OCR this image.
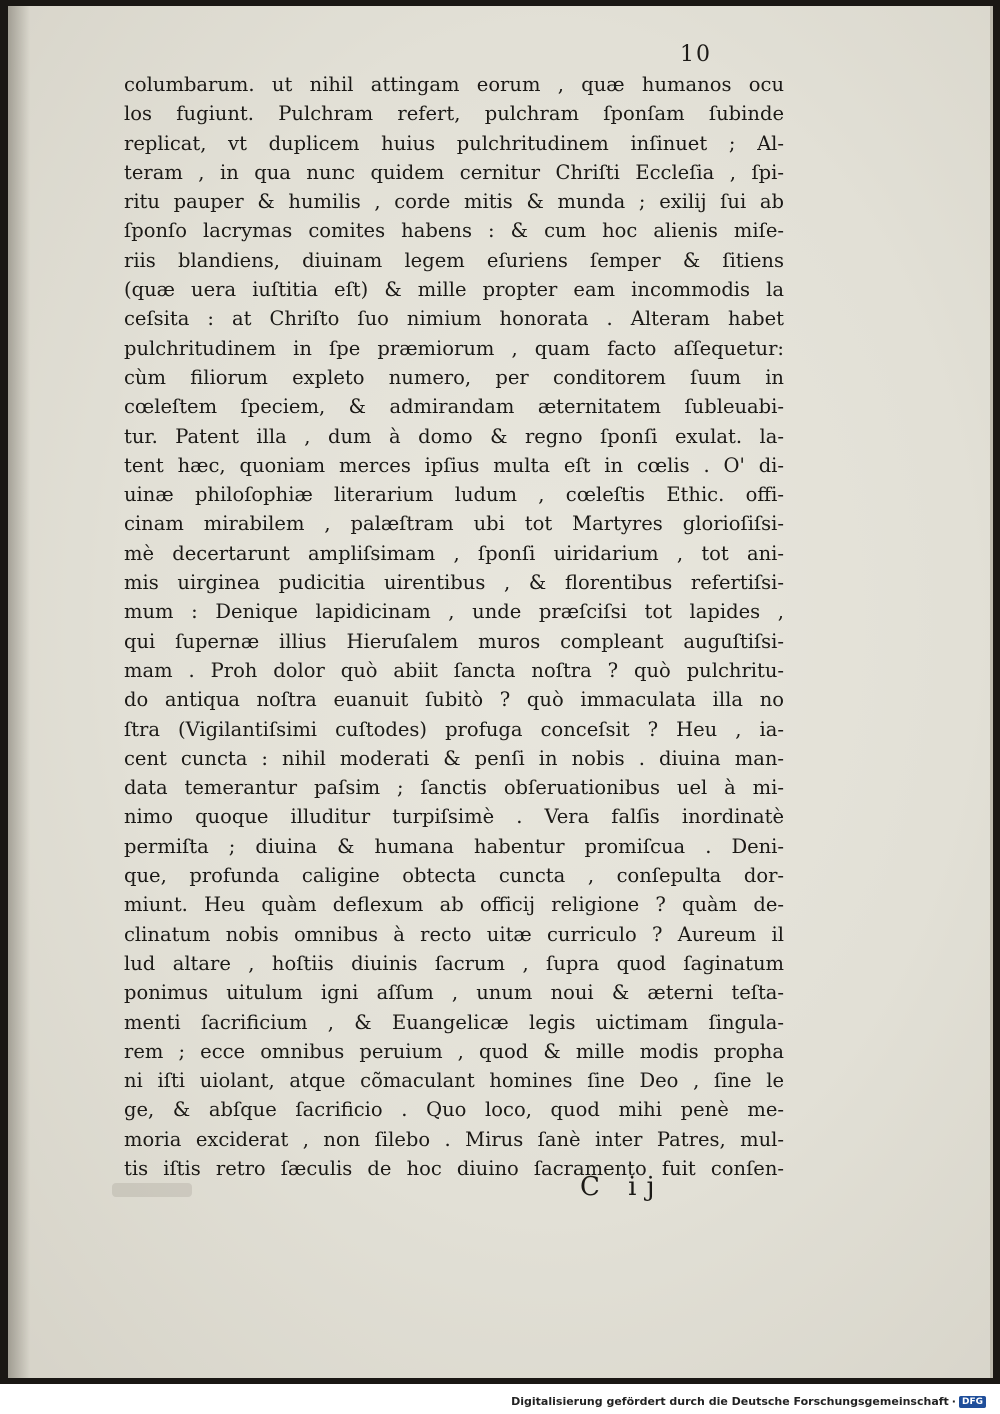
10
columbarum. ut nihil attingam eorum , quæ humanos ocu
los fugiunt. Pulchram refert, pulchram ſponſam ſubinde
replicat, vt duplicem huius pulchritudinem inſinuet ; Al-
teram , in qua nunc quidem cernitur Chriſti Eccleſia , ſpi-
ritu pauper & humilis , corde mitis & munda ; exilij ſui ab
ſponſo lacrymas comites habens : & cum hoc alienis miſe-
riis blandiens, diuinam legem eſuriens ſemper & ſitiens
(quæ uera iuſtitia eſt) & mille propter eam incommodis la
ceſsita : at Chriſto ſuo nimium honorata . Alteram habet
pulchritudinem in ſpe præmiorum , quam facto aſſequetur:
cùm filiorum expleto numero, per conditorem ſuum in
cœleſtem ſpeciem, & admirandam æternitatem ſubleuabi-
tur. Patent illa , dum à domo & regno ſponſi exulat. la-
tent hæc, quoniam merces ipſius multa eſt in cœlis . O' di-
uinæ philoſophiæ literarium ludum , cœleſtis Ethic. offi-
cinam mirabilem , palæſtram ubi tot Martyres glorioſiſsi-
mè decertarunt ampliſsimam , ſponſi uiridarium , tot ani-
mis uirginea pudicitia uirentibus , & florentibus refertiſsi-
mum : Denique lapidicinam , unde præſciſsi tot lapides ,
qui ſupernæ illius Hieruſalem muros compleant auguſtiſsi-
mam . Proh dolor quò abiit ſancta noſtra ? quò pulchritu-
do antiqua noſtra euanuit ſubitò ? quò immaculata illa no
ſtra (Vigilantiſsimi cuſtodes) profuga conceſsit ? Heu , ia-
cent cuncta : nihil moderati & penſi in nobis . diuina man-
data temerantur paſsim ; ſanctis obſeruationibus uel à mi-
nimo quoque illuditur turpiſsimè . Vera falſis inordinatè
permiſta ; diuina & humana habentur promiſcua . Deni-
que, profunda caligine obtecta cuncta , conſepulta dor-
miunt. Heu quàm deflexum ab officij religione ? quàm de-
clinatum nobis omnibus à recto uitæ curriculo ? Aureum il
lud altare , hoſtiis diuinis ſacrum , ſupra quod ſaginatum
ponimus uitulum igni aſſum , unum noui & æterni teſta-
menti ſacrificium , & Euangelicæ legis uictimam ſingula-
rem ; ecce omnibus peruium , quod & mille modis propha
ni iſti uiolant, atque cõmaculant homines ſine Deo , ſine le
ge, & abſque ſacrificio . Quo loco, quod mihi penè me-
moria exciderat , non ſilebo . Mirus ſanè inter Patres, mul-
tis iſtis retro ſæculis de hoc diuino ſacramento fuit conſen-
C ij
Digitalisierung gefördert durch die Deutsche Forschungsgemeinschaft · DFG
